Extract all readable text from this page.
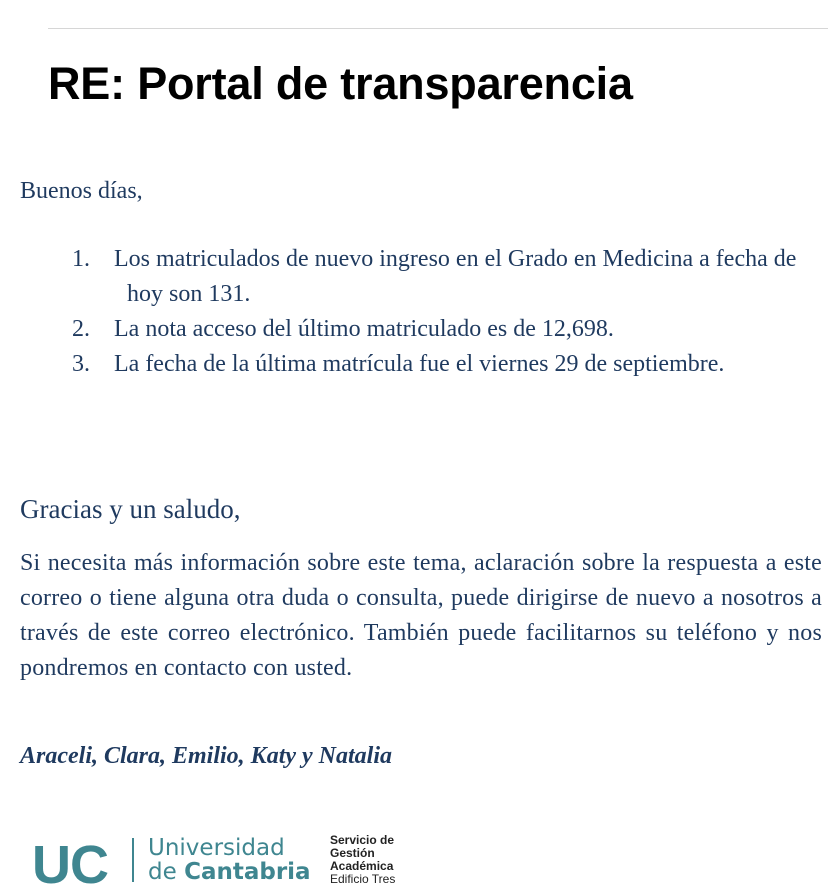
RE: Portal de transparencia

Buenos días,

1. Los matriculados de nuevo ingreso en el Grado en Medicina a fecha de hoy son 131.
2. La nota acceso del último matriculado es de 12,698.
3. La fecha de la última matrícula fue el viernes 29 de septiembre.

Gracias y un saludo,

Si necesita más información sobre este tema, aclaración sobre la respuesta a este correo o tiene alguna otra duda o consulta, puede dirigirse de nuevo a nosotros a través de este correo electrónico. También puede facilitarnos su teléfono y nos pondremos en contacto con usted.

Araceli, Clara, Emilio, Katy y Natalia

UC Universidad
de Cantabria
Servicio de
Gestión
Académica
Edificio Tres
